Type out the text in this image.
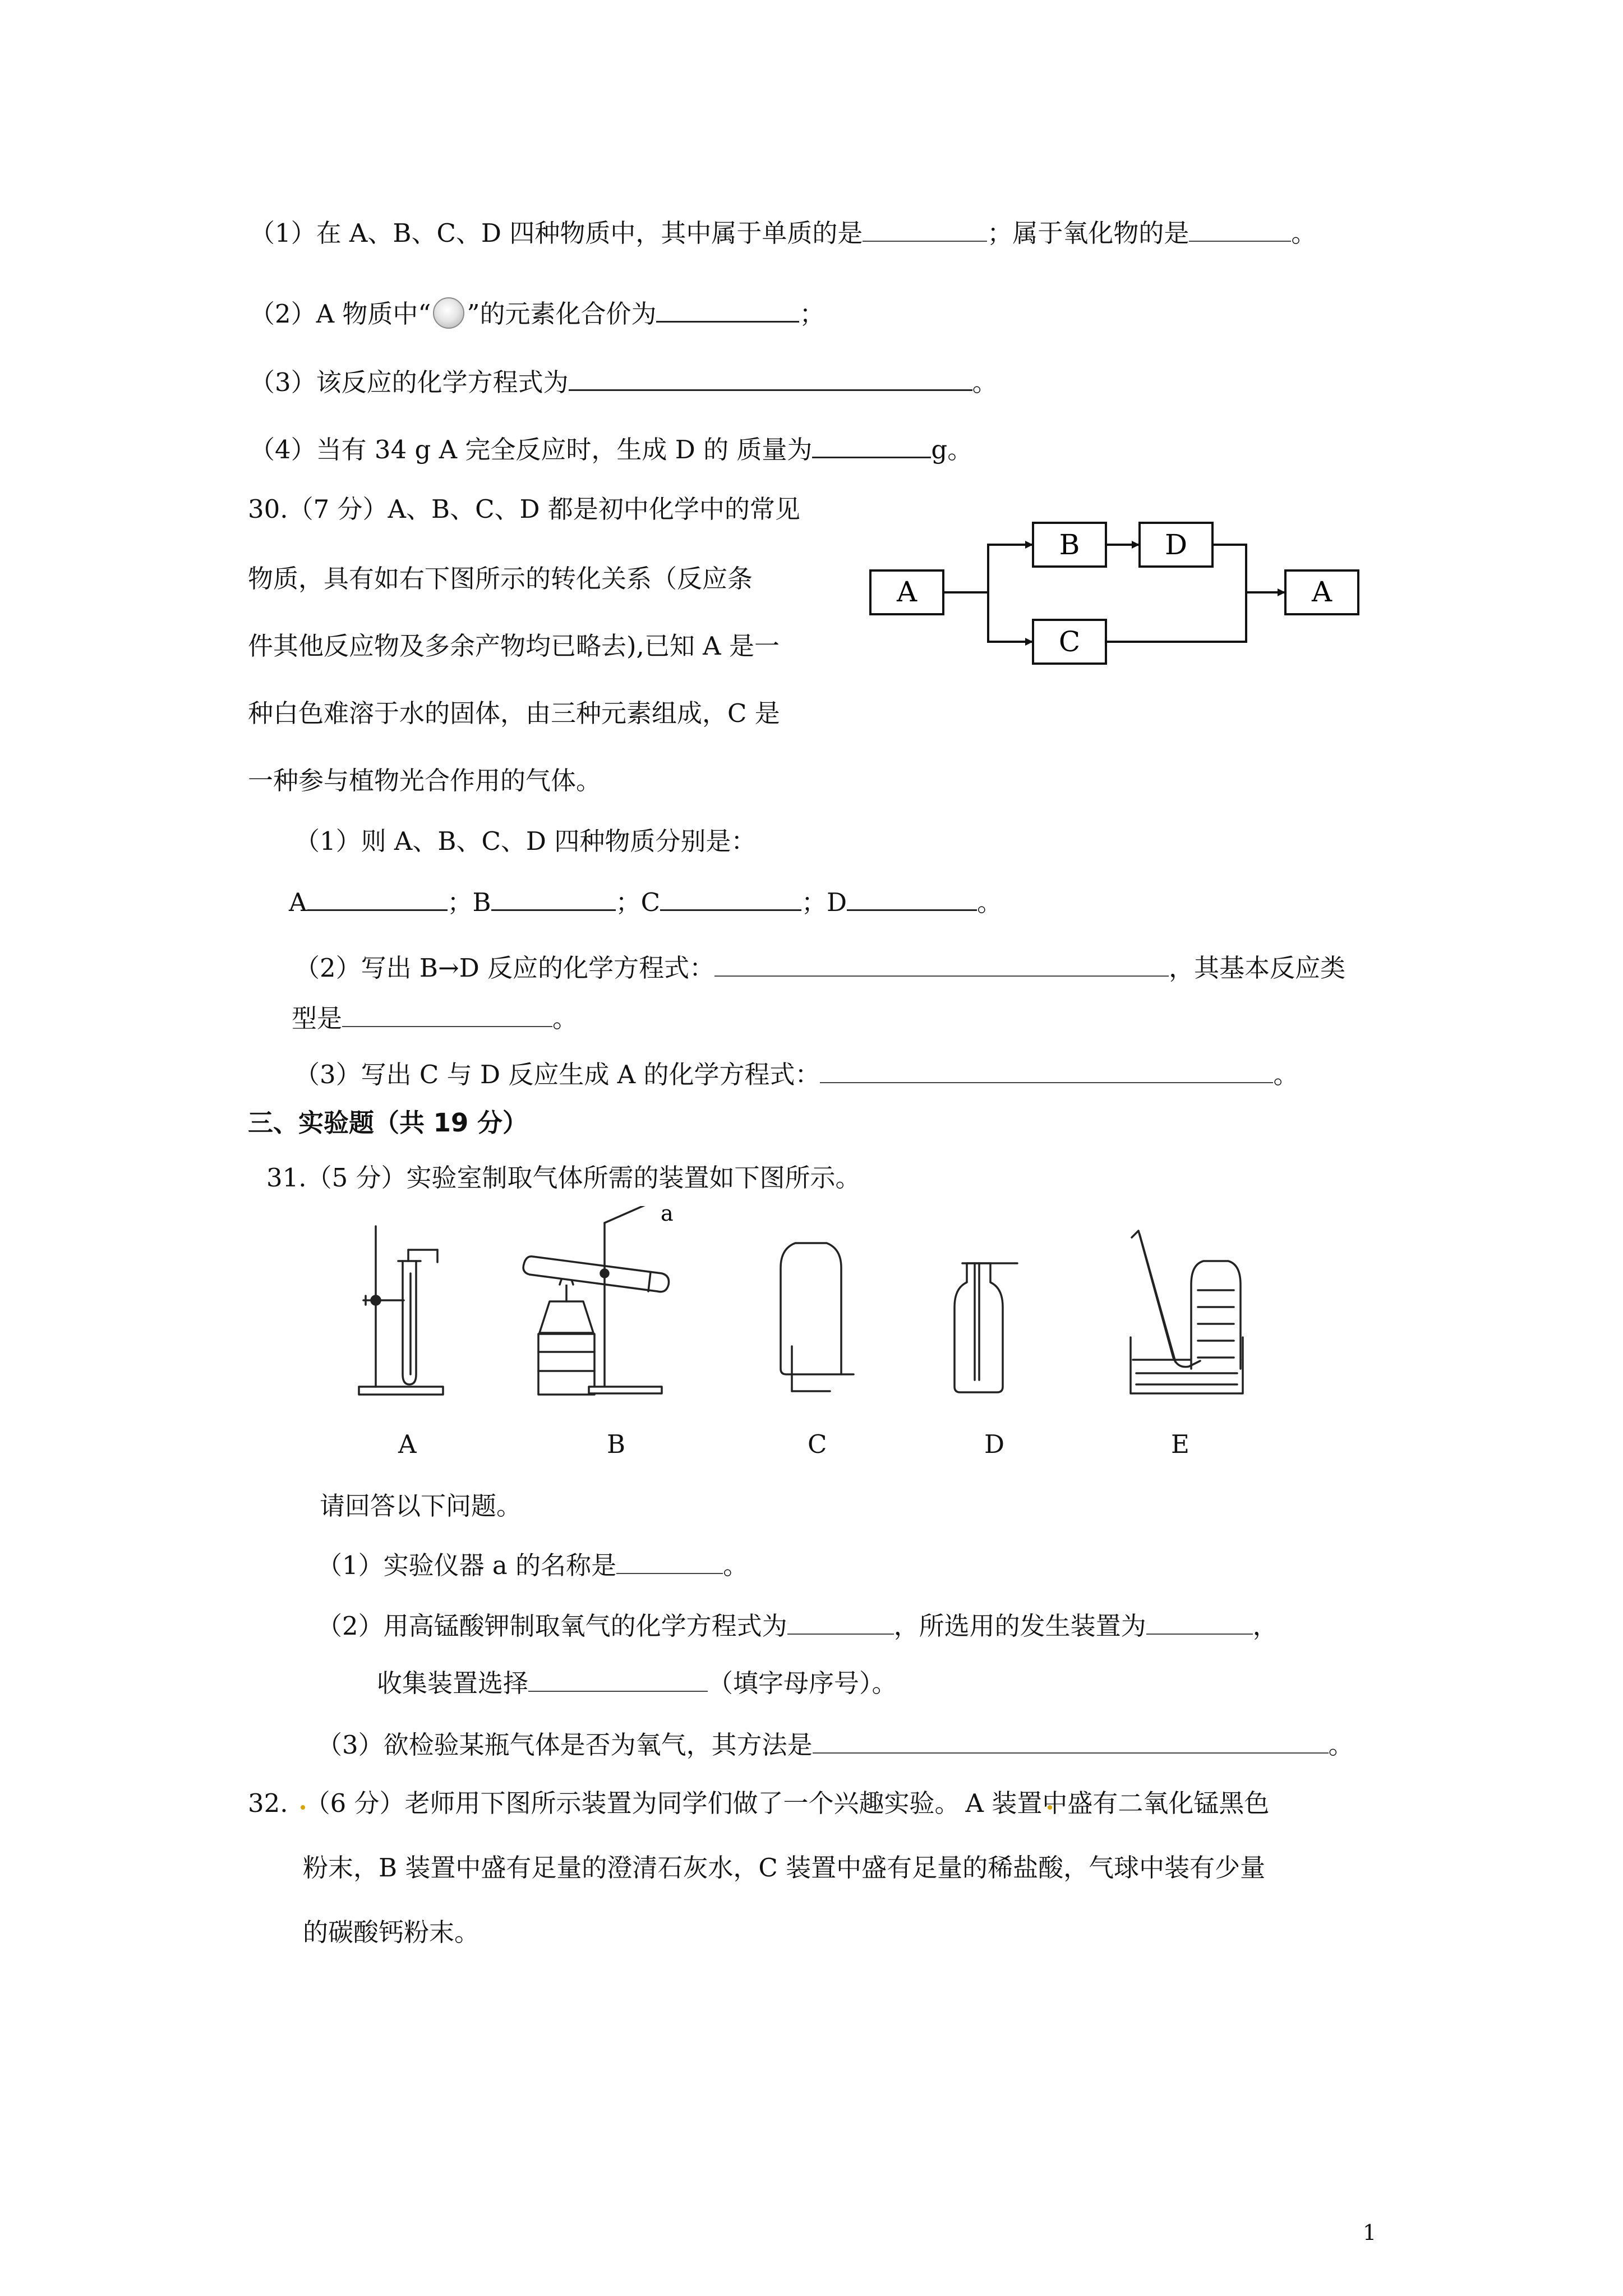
（1）在 A、B、C、D 四种物质中，其中属于单质的是	；属于氧化物的是	。
（2）A 物质中“ ”的元素化合价为	；
（3）该反应的化学方程式为	。
（4）当有 34 g A 完全反应时，生成 D 的 质量为	g。
30.（7 分）A、B、C、D 都是初中化学中的常见
物质，具有如右下图所示的转化关系（反应条
件其他反应物及多余产物均已略去),已知 A 是一
种白色难溶于水的固体，由三种元素组成，C 是
一种参与植物光合作用的气体。
A
B	D
C
A
（1）则 A、B、C、D 四种物质分别是：
A	；B	；C	；D	。
（2）写出 B→D 反应的化学方程式：	，其基本反应类
型是	。
（3）写出 C 与 D 反应生成 A 的化学方程式：	。
三、实验题（共 19 分）
31.（5 分）实验室制取气体所需的装置如下图所示。
a
A	B	C	D	E
请回答以下问题。
（1）实验仪器 a 的名称是	。
（2）用高锰酸钾制取氧气的化学方程式为	，所选用的发生装置为	，
收集装置选择	（填字母序号）。
（3）欲检验某瓶气体是否为氧气，其方法是	。
32. （6 分）老师用下图所示装置为同学们做了一个兴趣实验。 A 装置中盛有二氧化锰黑色
粉末，B 装置中盛有足量的澄清石灰水，C 装置中盛有足量的稀盐酸，气球中装有少量
的碳酸钙粉末。
1
